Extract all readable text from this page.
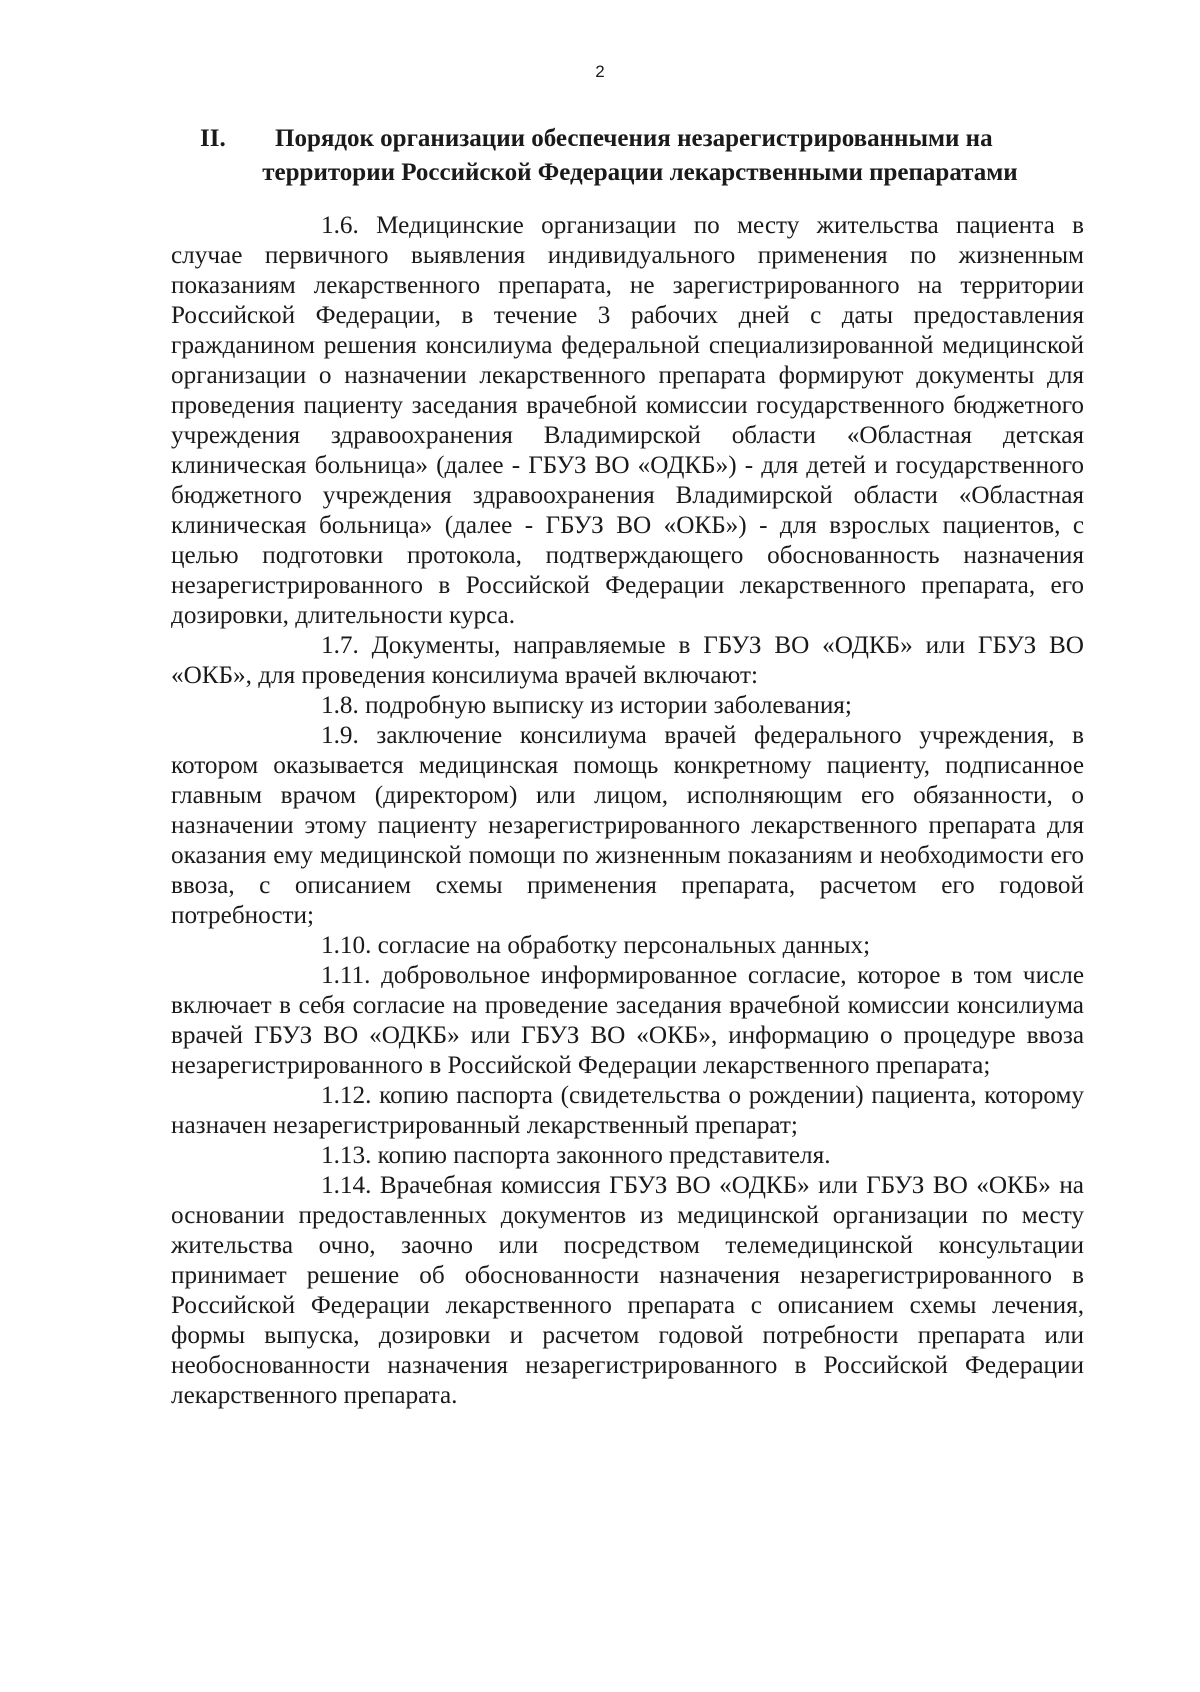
2
II. Порядок организации обеспечения незарегистрированными на
территории Российской Федерации лекарственными препаратами

1.6. Медицинские организации по месту жительства пациента в случае первичного выявления индивидуального применения по жизненным показаниям лекарственного препарата, не зарегистрированного на территории Российской Федерации, в течение 3 рабочих дней с даты предоставления гражданином решения консилиума федеральной специализированной медицинской организации о назначении лекарственного препарата формируют документы для проведения пациенту заседания врачебной комиссии государственного бюджетного учреждения здравоохранения Владимирской области «Областная детская клиническая больница» (далее - ГБУЗ ВО «ОДКБ») - для детей и государственного бюджетного учреждения здравоохранения Владимирской области «Областная клиническая больница» (далее - ГБУЗ ВО «ОКБ») - для взрослых пациентов, с целью подготовки протокола, подтверждающего обоснованность назначения незарегистрированного в Российской Федерации лекарственного препарата, его дозировки, длительности курса.

1.7. Документы, направляемые в ГБУЗ ВО «ОДКБ» или ГБУЗ ВО «ОКБ», для проведения консилиума врачей включают:

1.8. подробную выписку из истории заболевания;

1.9. заключение консилиума врачей федерального учреждения, в котором оказывается медицинская помощь конкретному пациенту, подписанное главным врачом (директором) или лицом, исполняющим его обязанности, о назначении этому пациенту незарегистрированного лекарственного препарата для оказания ему медицинской помощи по жизненным показаниям и необходимости его ввоза, с описанием схемы применения препарата, расчетом его годовой потребности;

1.10. согласие на обработку персональных данных;

1.11. добровольное информированное согласие, которое в том числе включает в себя согласие на проведение заседания врачебной комиссии консилиума врачей ГБУЗ ВО «ОДКБ» или ГБУЗ ВО «ОКБ», информацию о процедуре ввоза незарегистрированного в Российской Федерации лекарственного препарата;

1.12. копию паспорта (свидетельства о рождении) пациента, которому назначен незарегистрированный лекарственный препарат;

1.13. копию паспорта законного представителя.

1.14. Врачебная комиссия ГБУЗ ВО «ОДКБ» или ГБУЗ ВО «ОКБ» на основании предоставленных документов из медицинской организации по месту жительства очно, заочно или посредством телемедицинской консультации принимает решение об обоснованности назначения незарегистрированного в Российской Федерации лекарственного препарата с описанием схемы лечения, формы выпуска, дозировки и расчетом годовой потребности препарата или необоснованности назначения незарегистрированного в Российской Федерации лекарственного препарата.
